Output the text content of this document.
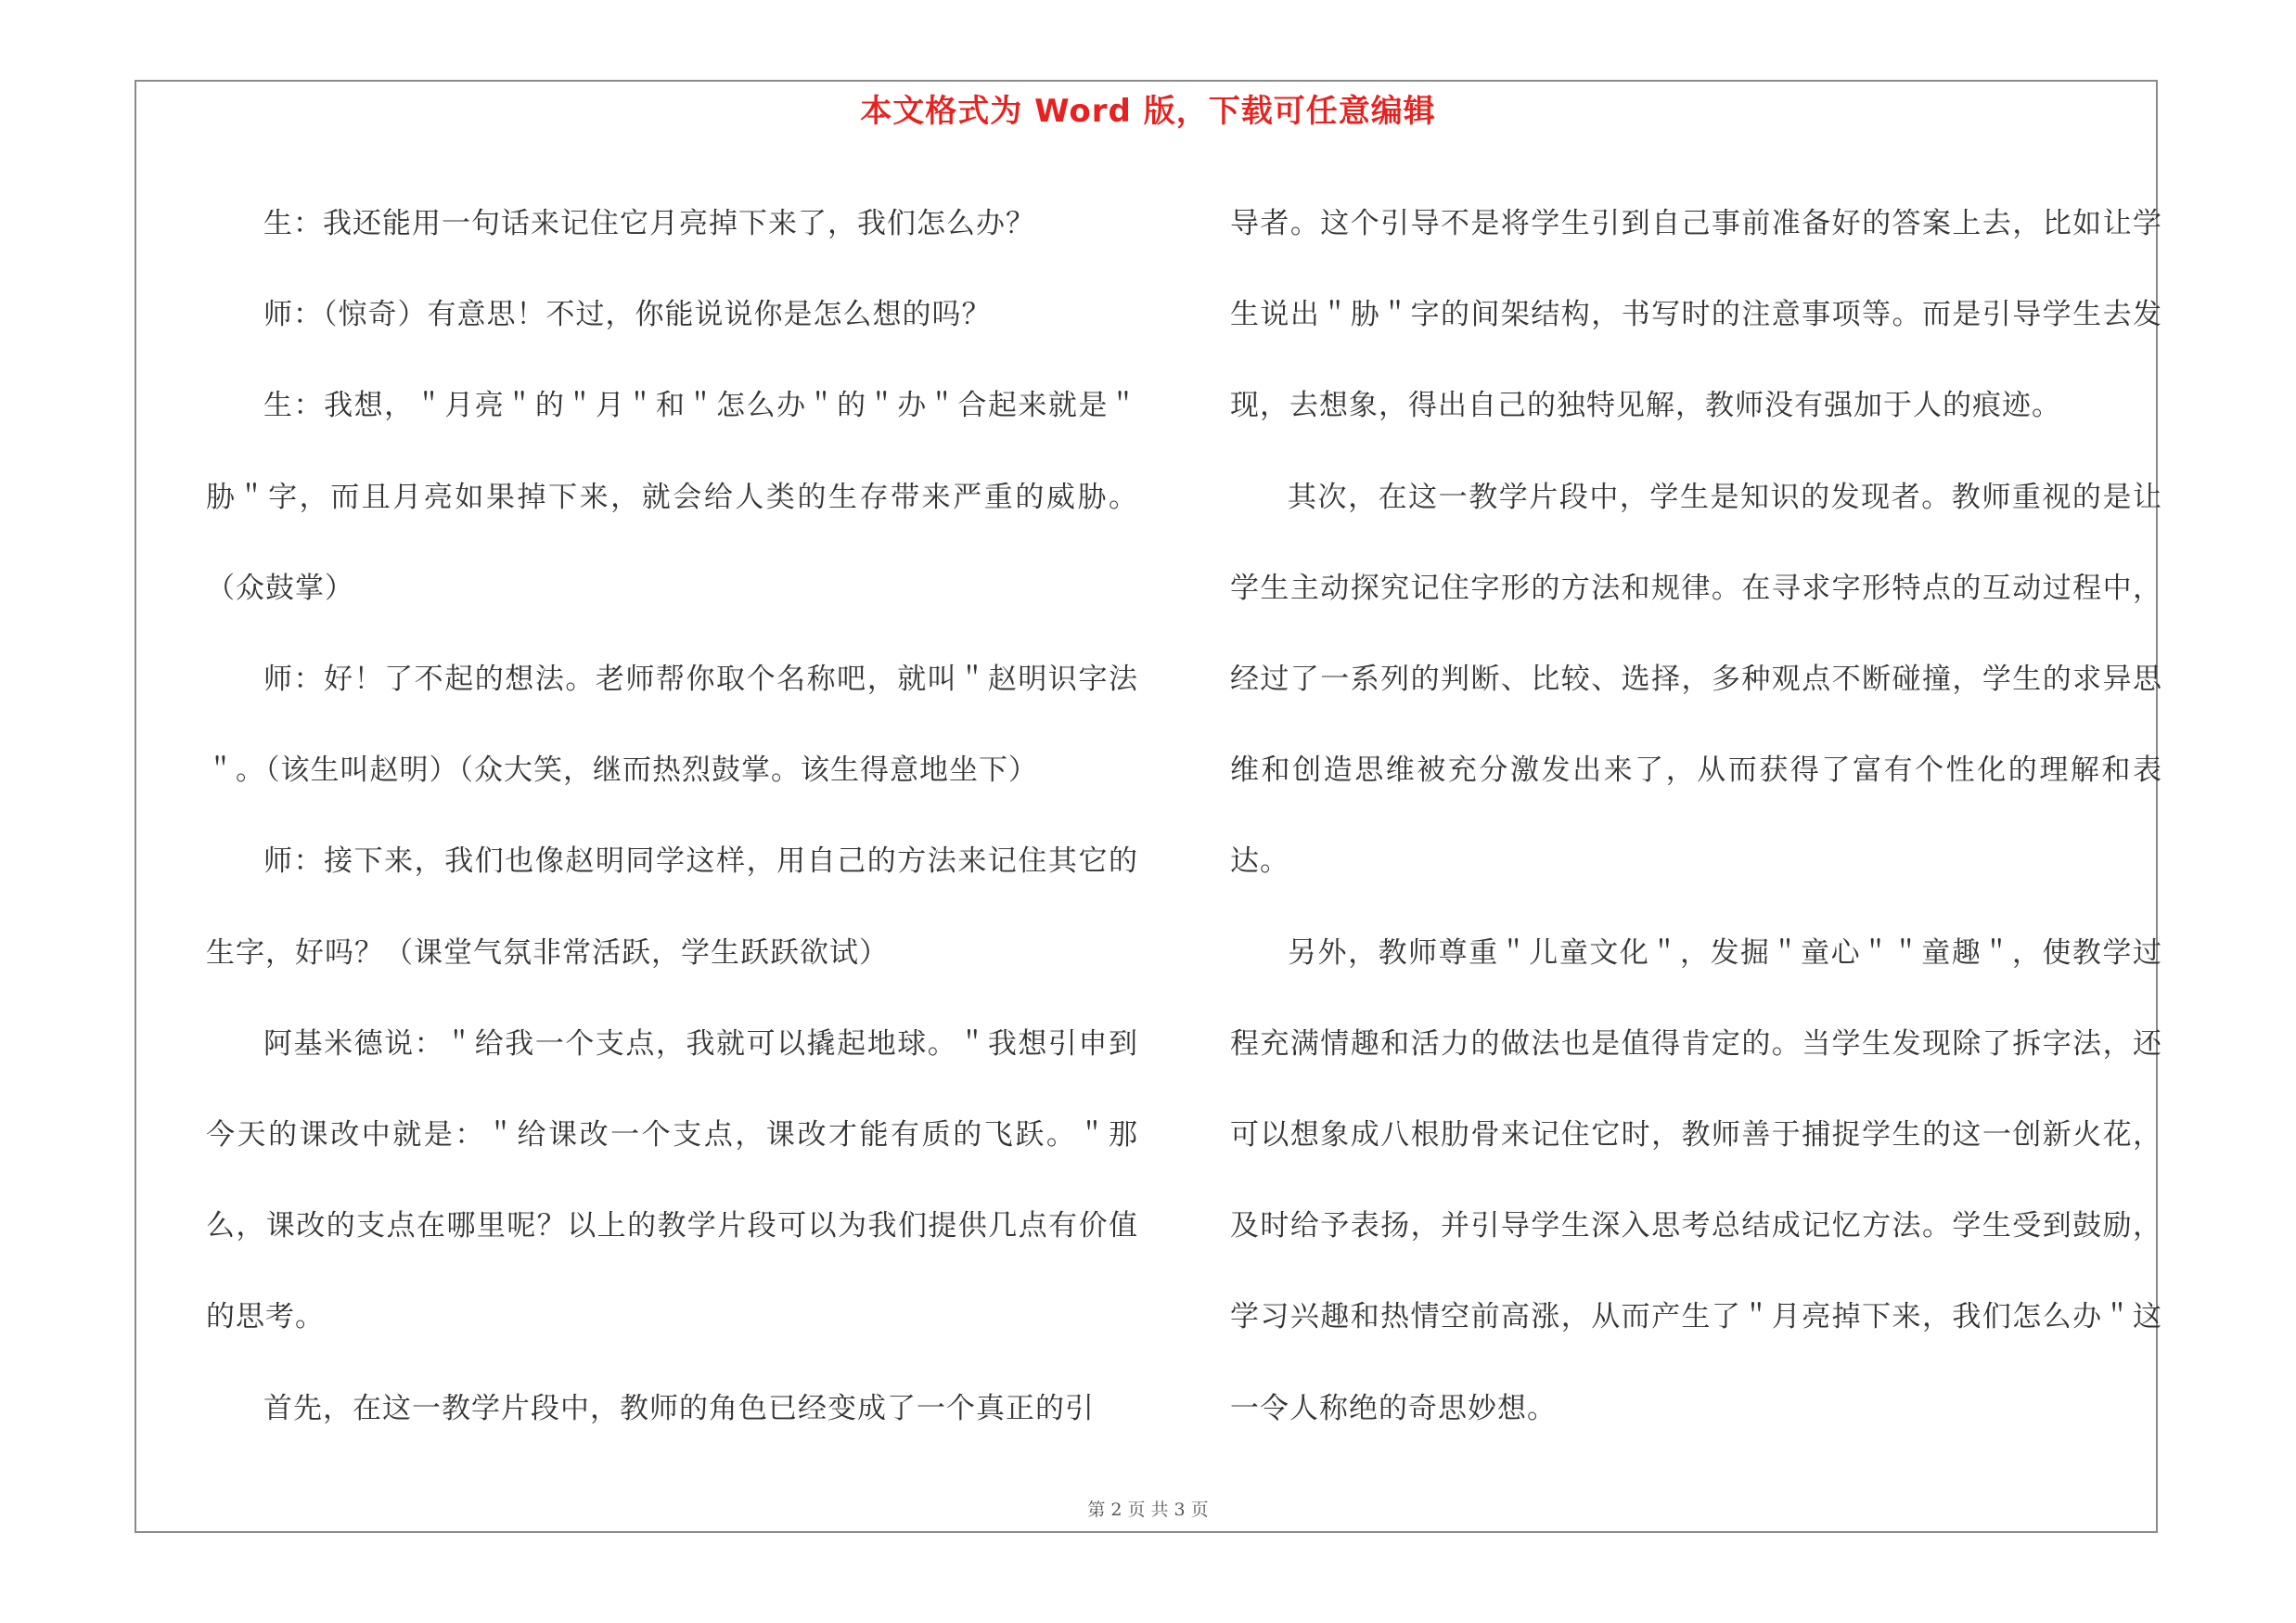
本文格式为 Word 版，下载可任意编辑

生：我还能用一句话来记住它月亮掉下来了，我们怎么办？

师：（惊奇）有意思！不过，你能说说你是怎么想的吗？

生：我想，＂月亮＂的＂月＂和＂怎么办＂的＂办＂合起来就是＂胁＂字，而且月亮如果掉下来，就会给人类的生存带来严重的威胁。（众鼓掌）

师：好！了不起的想法。老师帮你取个名称吧，就叫＂赵明识字法＂。（该生叫赵明）（众大笑，继而热烈鼓掌。该生得意地坐下）

师：接下来，我们也像赵明同学这样，用自己的方法来记住其它的生字，好吗？（课堂气氛非常活跃，学生跃跃欲试）

阿基米德说：＂给我一个支点，我就可以撬起地球。＂我想引申到今天的课改中就是：＂给课改一个支点，课改才能有质的飞跃。＂那么，课改的支点在哪里呢？以上的教学片段可以为我们提供几点有价值的思考。

首先，在这一教学片段中，教师的角色已经变成了一个真正的引

导者。这个引导不是将学生引到自己事前准备好的答案上去，比如让学生说出＂胁＂字的间架结构，书写时的注意事项等。而是引导学生去发现，去想象，得出自己的独特见解，教师没有强加于人的痕迹。

其次，在这一教学片段中，学生是知识的发现者。教师重视的是让学生主动探究记住字形的方法和规律。在寻求字形特点的互动过程中，经过了一系列的判断、比较、选择，多种观点不断碰撞，学生的求异思维和创造思维被充分激发出来了，从而获得了富有个性化的理解和表达。

另外，教师尊重＂儿童文化＂，发掘＂童心＂＂童趣＂，使教学过程充满情趣和活力的做法也是值得肯定的。当学生发现除了拆字法，还可以想象成八根肋骨来记住它时，教师善于捕捉学生的这一创新火花，及时给予表扬，并引导学生深入思考总结成记忆方法。学生受到鼓励，学习兴趣和热情空前高涨，从而产生了＂月亮掉下来，我们怎么办＂这一令人称绝的奇思妙想。

第 2 页 共 3 页
